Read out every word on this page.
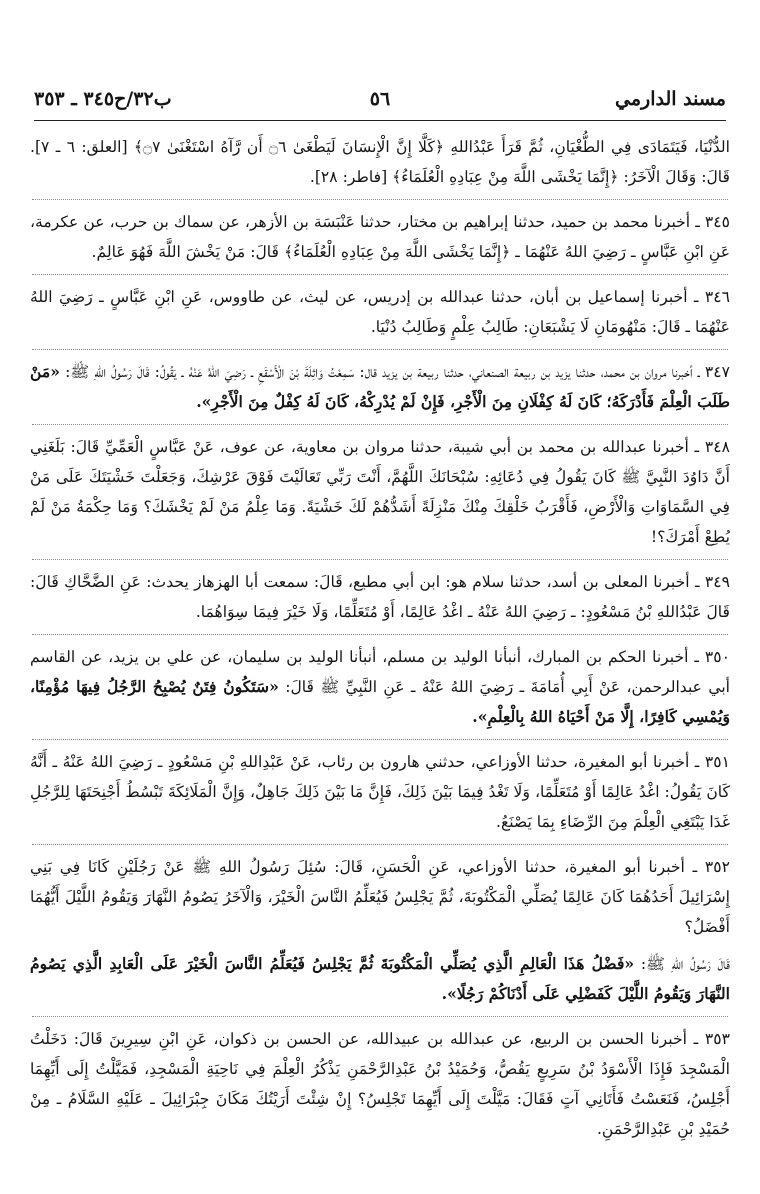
مسند الدارمي
٥٦
ب٣٢/ح٣٤٥ ـ ٣٥٣

الدُّنْيَا، فَيَتَمَادَى فِي الطُّغْيَانِ، ثُمَّ قَرَأَ عَبْدُاللهِ ﴿كَلَّا إِنَّ الْإِنسَانَ لَيَطْغَىٰ ۝٦ أَن رَّآهُ اسْتَغْنَىٰ ۝٧﴾ [العلق: ٦ ـ ٧]. قَالَ: وَقَالَ الْآخَرُ: ﴿إِنَّمَا يَخْشَى اللَّهَ مِنْ عِبَادِهِ الْعُلَمَاءُ﴾ [فاطر: ٢٨].

٣٤٥ ـ أخبرنا محمد بن حميد، حدثنا إبراهيم بن مختار، حدثنا عَنْبَسَة بن الأزهر، عن سماك بن حرب، عن عكرمة، عَنِ ابْنِ عَبَّاسٍ ـ رَضِيَ اللهُ عَنْهُمَا ـ ﴿إِنَّمَا يَخْشَى اللَّهَ مِنْ عِبَادِهِ الْعُلَمَاءُ﴾ قَالَ: مَنْ يَخْشَ اللَّهَ فَهُوَ عَالِمٌ.

٣٤٦ ـ أخبرنا إسماعيل بن أبان، حدثنا عبدالله بن إدريس، عن ليث، عن طاووس، عَنِ ابْنِ عَبَّاسٍ ـ رَضِيَ اللهُ عَنْهُمَا ـ قَالَ: مَنْهُومَانِ لَا يَشْبَعَانِ: طَالِبُ عِلْمٍ وَطَالِبُ دُنْيَا.

٣٤٧ ـ أخبرنا مروان بن محمد، حدثنا يزيد بن ربيعة الصنعاني، حدثنا ربيعة بن يزيد قال: سَمِعْتُ وَاثِلَةَ بْنَ الْأَسْقَعِ ـ رَضِيَ اللهُ عَنْهُ ـ يَقُولُ: قَالَ رَسُولُ اللهِ ﷺ: «مَنْ طَلَبَ الْعِلْمَ فَأَدْرَكَهُ؛ كَانَ لَهُ كِفْلَانِ مِنَ الْأَجْرِ، فَإِنْ لَمْ يُدْرِكْهُ، كَانَ لَهُ كِفْلٌ مِنَ الْأَجْرِ».

٣٤٨ ـ أخبرنا عبدالله بن محمد بن أبي شيبة، حدثنا مروان بن معاوية، عن عوف، عَنْ عَبَّاسٍ الْعَمِّيِّ قَالَ: بَلَغَنِي أَنَّ دَاوُدَ النَّبِيَّ ﷺ كَانَ يَقُولُ فِي دُعَائِهِ: سُبْحَانَكَ اللَّهُمَّ، أَنْتَ رَبِّي تَعَالَيْتَ فَوْقَ عَرْشِكَ، وَجَعَلْتَ خَشْيَتَكَ عَلَى مَنْ فِي السَّمَاوَاتِ وَالْأَرْضِ، فَأَقْرَبُ خَلْقِكَ مِنْكَ مَنْزِلَةً أَشَدُّهُمْ لَكَ خَشْيَةً. وَمَا عِلْمُ مَنْ لَمْ يَخْشَكَ؟ وَمَا حِكْمَةُ مَنْ لَمْ يُطِعْ أَمْرَكَ؟!

٣٤٩ ـ أخبرنا المعلى بن أسد، حدثنا سلام هو: ابن أبي مطيع، قَالَ: سمعت أبا الهزهاز يحدث: عَنِ الضَّحَّاكِ قَالَ: قَالَ عَبْدُاللهِ بْنُ مَسْعُودٍ: ـ رَضِيَ اللهُ عَنْهُ ـ اغْدُ عَالِمًا، أَوْ مُتَعَلِّمًا، وَلَا خَيْرَ فِيمَا سِوَاهُمَا.

٣٥٠ ـ أخبرنا الحكم بن المبارك، أنبأنا الوليد بن مسلم، أنبأنا الوليد بن سليمان، عن علي بن يزيد، عن القاسم أبي عبدالرحمن، عَنْ أَبِي أُمَامَةَ ـ رَضِيَ اللهُ عَنْهُ ـ عَنِ النَّبِيِّ ﷺ قَالَ: «سَتَكُونُ فِتَنٌ يُصْبِحُ الرَّجُلُ فِيهَا مُؤْمِنًا، وَيُمْسِي كَافِرًا، إِلَّا مَنْ أَحْيَاهُ اللهُ بِالْعِلْمِ».

٣٥١ ـ أخبرنا أبو المغيرة، حدثنا الأوزاعي، حدثني هارون بن رئاب، عَنْ عَبْدِاللهِ بْنِ مَسْعُودٍ ـ رَضِيَ اللهُ عَنْهُ ـ أَنَّهُ كَانَ يَقُولُ: اغْدُ عَالِمًا أَوْ مُتَعَلِّمًا، وَلَا تَغْدُ فِيمَا بَيْنَ ذَلِكَ، فَإِنَّ مَا بَيْنَ ذَلِكَ جَاهِلٌ، وَإِنَّ الْمَلَائِكَةَ تَبْسُطُ أَجْنِحَتَهَا لِلرَّجُلِ غَدَا يَبْتَغِي الْعِلْمَ مِنَ الرِّضَاءِ بِمَا يَصْنَعُ.

٣٥٢ ـ أخبرنا أبو المغيرة، حدثنا الأوزاعي، عَنِ الْحَسَنِ، قَالَ: سُئِلَ رَسُولُ اللهِ ﷺ عَنْ رَجُلَيْنِ كَانَا فِي بَنِي إِسْرَائِيلَ أَحَدُهُمَا كَانَ عَالِمًا يُصَلِّي الْمَكْتُوبَةَ، ثُمَّ يَجْلِسُ فَيُعَلِّمُ النَّاسَ الْخَيْرَ، وَالْآخَرُ يَصُومُ النَّهَارَ وَيَقُومُ اللَّيْلَ أَيُّهُمَا أَفْضَلُ؟

قَالَ رَسُولُ اللهِ ﷺ: «فَضْلُ هَذَا الْعَالِمِ الَّذِي يُصَلِّي الْمَكْتُوبَةَ ثُمَّ يَجْلِسُ فَيُعَلِّمُ النَّاسَ الْخَيْرَ عَلَى الْعَابِدِ الَّذِي يَصُومُ النَّهَارَ وَيَقُومُ اللَّيْلَ كَفَضْلِي عَلَى أَدْنَاكُمْ رَجُلًا».

٣٥٣ ـ أخبرنا الحسن بن الربيع، عن عبدالله بن عبيدالله، عن الحسن بن ذكوان، عَنِ ابْنِ سِيرِينَ قَالَ: دَخَلْتُ الْمَسْجِدَ فَإِذَا الْأَسْوَدُ بْنُ سَرِيعٍ يَقُصُّ، وَحُمَيْدُ بْنُ عَبْدِالرَّحْمَنِ يَذْكُرُ الْعِلْمَ فِي نَاحِيَةِ الْمَسْجِدِ، فَمَيَّلْتُ إِلَى أَيِّهِمَا أَجْلِسُ، فَنَعَسْتُ فَأَتَانِي آتٍ فَقَالَ: مَيَّلْتَ إِلَى أَيِّهِمَا تَجْلِسُ؟ إِنْ شِئْتَ أَرَيْتُكَ مَكَانَ جِبْرَائِيلَ ـ عَلَيْهِ السَّلَامُ ـ مِنْ حُمَيْدِ بْنِ عَبْدِالرَّحْمَنِ.
